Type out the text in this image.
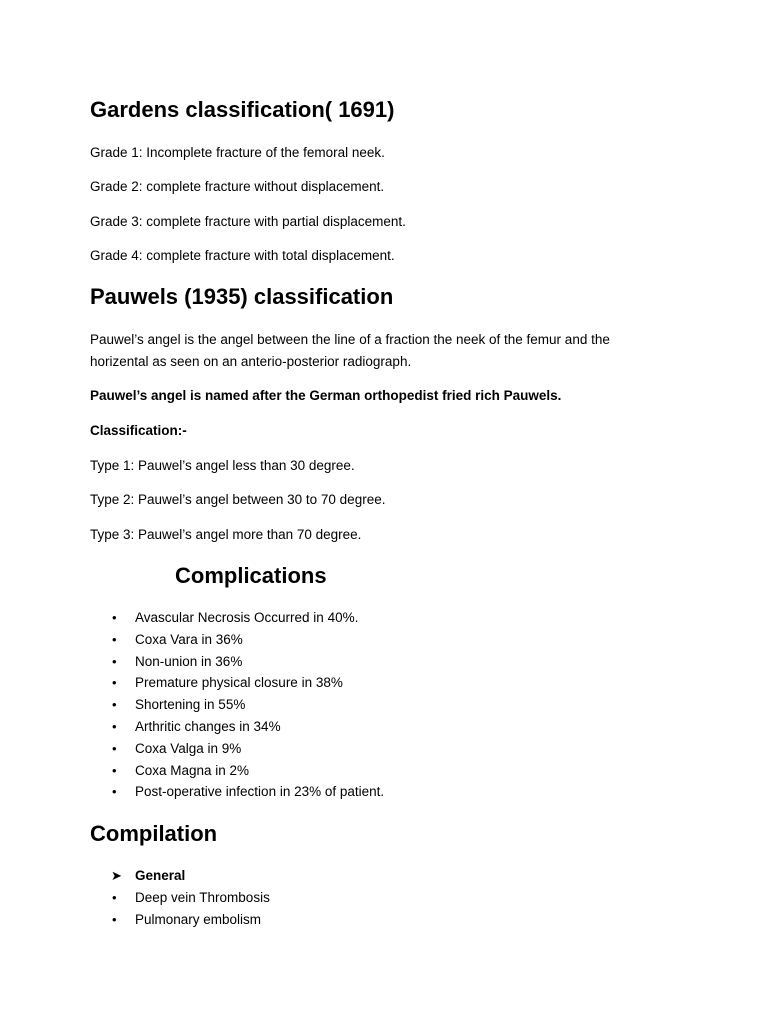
Gardens classification( 1691)
Grade 1: Incomplete fracture of the femoral neek.
Grade 2: complete fracture without displacement.
Grade 3: complete fracture with partial displacement.
Grade 4: complete fracture with total displacement.
Pauwels (1935) classification
Pauwel’s angel is the angel between the line of a fraction the neek of the femur and the horizental as seen on an anterio-posterior radiograph.
Pauwel’s angel is named after the German orthopedist fried rich Pauwels.
Classification:-
Type 1: Pauwel’s angel less than 30 degree.
Type 2: Pauwel’s angel between 30 to 70 degree.
Type 3: Pauwel’s angel more than 70 degree.
Complications
• Avascular Necrosis Occurred in 40%.
• Coxa Vara in 36%
• Non-union in 36%
• Premature physical closure in 38%
• Shortening in 55%
• Arthritic changes in 34%
• Coxa Valga in 9%
• Coxa Magna in 2%
• Post-operative infection in 23% of patient.
Compilation
➤ General
• Deep vein Thrombosis
• Pulmonary embolism
